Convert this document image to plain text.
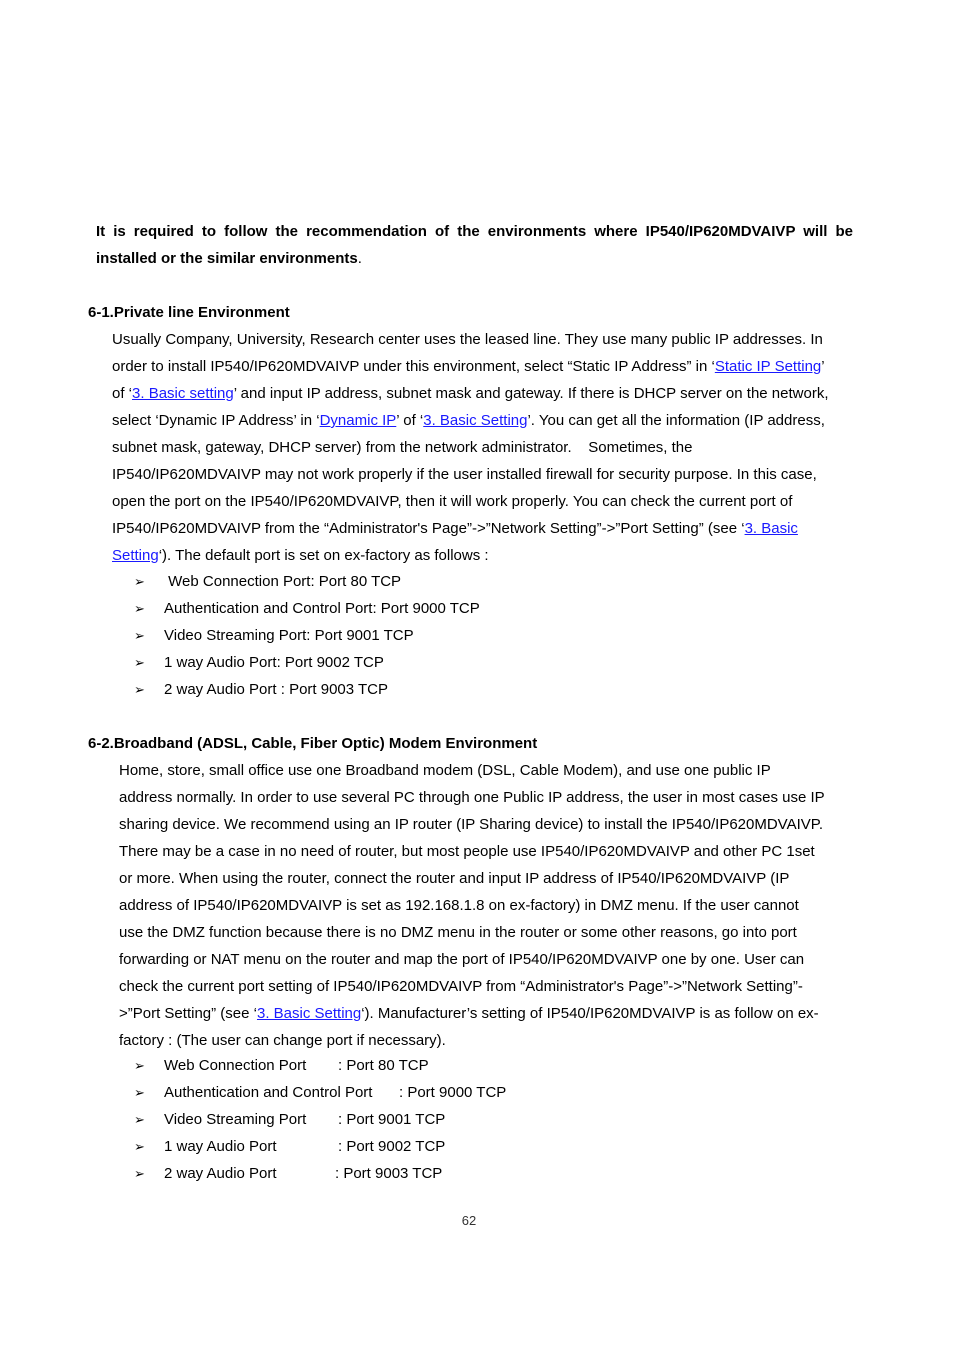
It is required to follow the recommendation of the environments where IP540/IP620MDVAIVP will be installed or the similar environments.
6-1.Private line Environment
Usually Company, University, Research center uses the leased line. They use many public IP addresses. In
order to install IP540/IP620MDVAIVP under this environment, select “Static IP Address” in ‘Static IP Setting’
of ‘3. Basic setting’ and input IP address, subnet mask and gateway. If there is DHCP server on the network,
select ‘Dynamic IP Address’ in ‘Dynamic IP’ of ‘3. Basic Setting’. You can get all the information (IP address,
subnet mask, gateway, DHCP server) from the network administrator.    Sometimes, the
IP540/IP620MDVAIVP may not work properly if the user installed firewall for security purpose. In this case,
open the port on the IP540/IP620MDVAIVP, then it will work properly. You can check the current port of
IP540/IP620MDVAIVP from the “Administrator's Page”->”Network Setting”->”Port Setting” (see ‘3. Basic
Setting‘). The default port is set on ex-factory as follows :
➢ Web Connection Port: Port 80 TCP
➢ Authentication and Control Port: Port 9000 TCP
➢ Video Streaming Port: Port 9001 TCP
➢ 1 way Audio Port: Port 9002 TCP
➢ 2 way Audio Port : Port 9003 TCP
6-2.Broadband (ADSL, Cable, Fiber Optic) Modem Environment
Home, store, small office use one Broadband modem (DSL, Cable Modem), and use one public IP
address normally. In order to use several PC through one Public IP address, the user in most cases use IP
sharing device. We recommend using an IP router (IP Sharing device) to install the IP540/IP620MDVAIVP.
There may be a case in no need of router, but most people use IP540/IP620MDVAIVP and other PC 1set
or more. When using the router, connect the router and input IP address of IP540/IP620MDVAIVP (IP
address of IP540/IP620MDVAIVP is set as 192.168.1.8 on ex-factory) in DMZ menu. If the user cannot
use the DMZ function because there is no DMZ menu in the router or some other reasons, go into port
forwarding or NAT menu on the router and map the port of IP540/IP620MDVAIVP one by one. User can
check the current port setting of IP540/IP620MDVAIVP from “Administrator's Page”->”Network Setting”-
>”Port Setting” (see ‘3. Basic Setting‘). Manufacturer’s setting of IP540/IP620MDVAIVP is as follow on ex-
factory : (The user can change port if necessary).
➢ Web Connection Port : Port 80 TCP
➢ Authentication and Control Port : Port 9000 TCP
➢ Video Streaming Port : Port 9001 TCP
➢ 1 way Audio Port	: Port 9002 TCP
➢ 2 way Audio Port	: Port 9003 TCP
62
